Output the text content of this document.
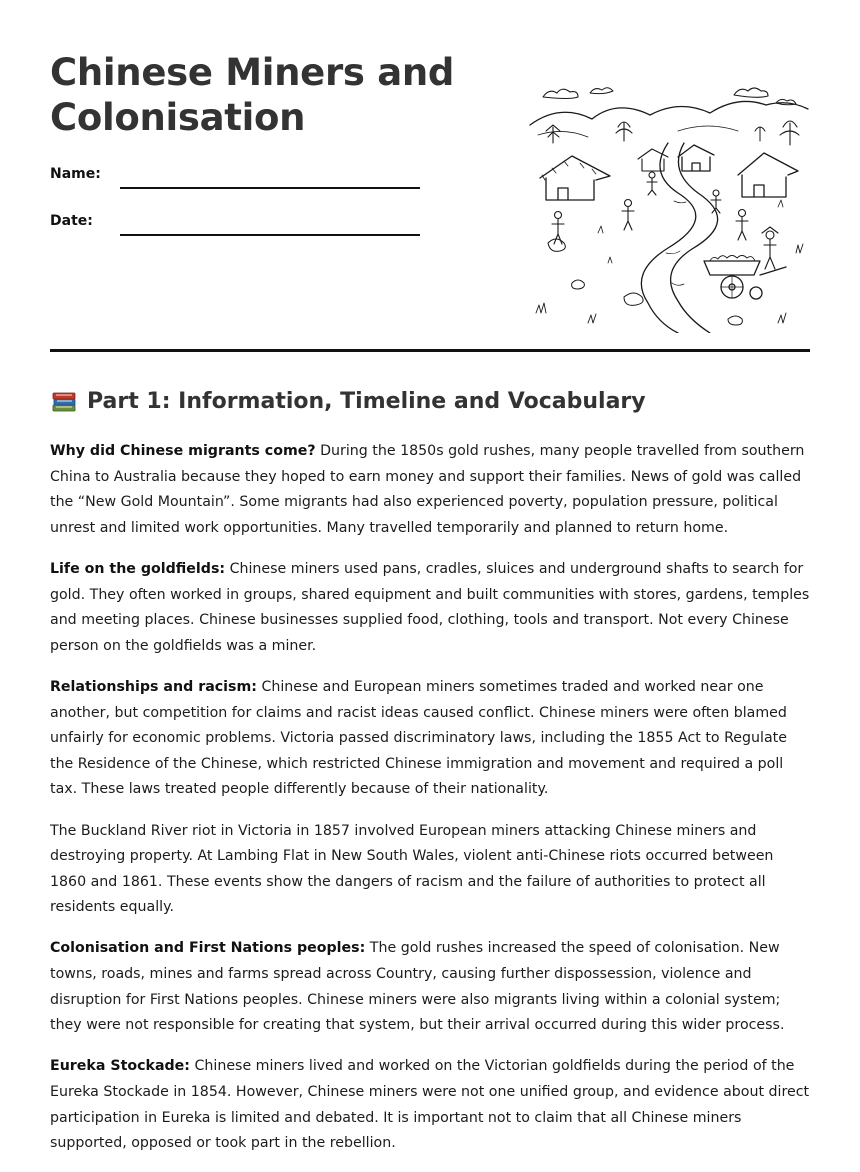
Chinese Miners and Colonisation
Name:
Date:
Part 1: Information, Timeline and Vocabulary

Why did Chinese migrants come? During the 1850s gold rushes, many people travelled from southern China to Australia because they hoped to earn money and support their families. News of gold was called the “New Gold Mountain”. Some migrants had also experienced poverty, population pressure, political unrest and limited work opportunities. Many travelled temporarily and planned to return home.

Life on the goldfields: Chinese miners used pans, cradles, sluices and underground shafts to search for gold. They often worked in groups, shared equipment and built communities with stores, gardens, temples and meeting places. Chinese businesses supplied food, clothing, tools and transport. Not every Chinese person on the goldfields was a miner.

Relationships and racism: Chinese and European miners sometimes traded and worked near one another, but competition for claims and racist ideas caused conflict. Chinese miners were often blamed unfairly for economic problems. Victoria passed discriminatory laws, including the 1855 Act to Regulate the Residence of the Chinese, which restricted Chinese immigration and movement and required a poll tax. These laws treated people differently because of their nationality.

The Buckland River riot in Victoria in 1857 involved European miners attacking Chinese miners and destroying property. At Lambing Flat in New South Wales, violent anti-Chinese riots occurred between 1860 and 1861. These events show the dangers of racism and the failure of authorities to protect all residents equally.

Colonisation and First Nations peoples: The gold rushes increased the speed of colonisation. New towns, roads, mines and farms spread across Country, causing further dispossession, violence and disruption for First Nations peoples. Chinese miners were also migrants living within a colonial system; they were not responsible for creating that system, but their arrival occurred during this wider process.

Eureka Stockade: Chinese miners lived and worked on the Victorian goldfields during the period of the Eureka Stockade in 1854. However, Chinese miners were not one unified group, and evidence about direct participation in Eureka is limited and debated. It is important not to claim that all Chinese miners supported, opposed or took part in the rebellion.
